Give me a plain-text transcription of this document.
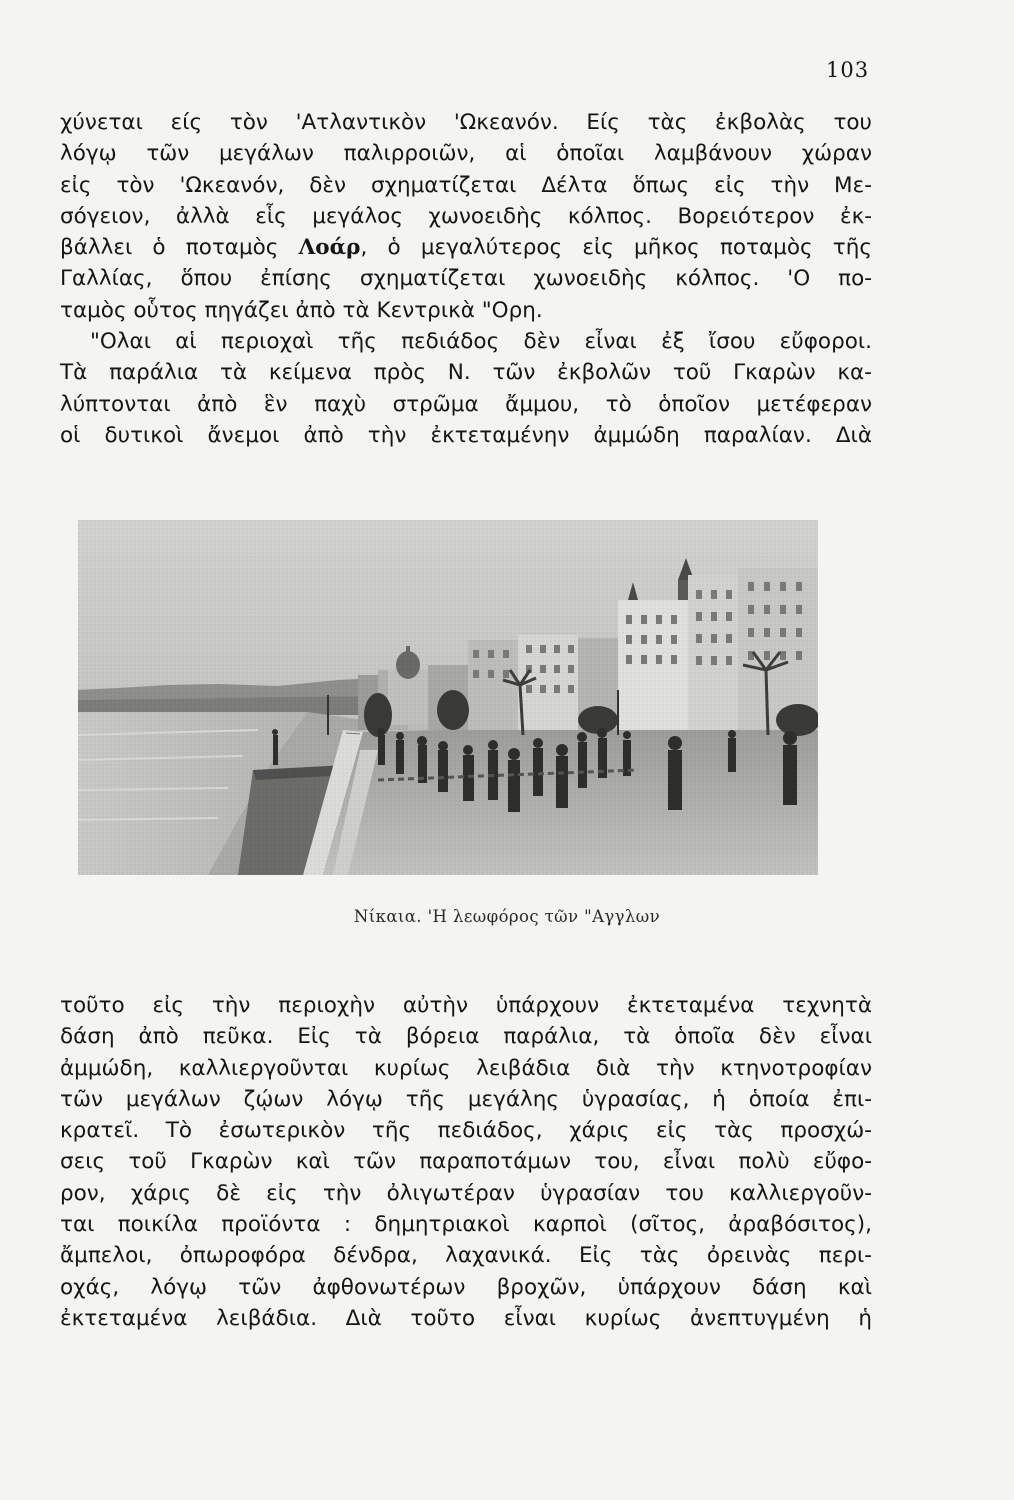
103
χύνεται είς τὸν 'Ατλαντικὸν 'Ωκεανόν. Είς τὰς ἐκβολὰς του
λόγῳ τῶν μεγάλων παλιρροιῶν, αἱ ὁποῖαι λαμβάνουν χώραν
εἰς τὸν 'Ωκεανόν, δὲν σχηματίζεται Δέλτα ὅπως εἰς τὴν Με-
σόγειον, ἀλλὰ εἷς μεγάλος χωνοειδὴς κόλπος. Βορειότερον ἐκ-
βάλλει ὁ ποταμὸς Λοάρ, ὁ μεγαλύτερος εἰς μῆκος ποταμὸς τῆς
Γαλλίας, ὅπου ἐπίσης σχηματίζεται χωνοειδὴς κόλπος. 'Ο πο-
ταμὸς οὗτος πηγάζει ἀπὸ τὰ Κεντρικὰ "Ορη.
"Ολαι αἱ περιοχαὶ τῆς πεδιάδος δὲν εἶναι ἐξ ἴσου εὔφοροι.
Τὰ παράλια τὰ κείμενα πρὸς Ν. τῶν ἐκβολῶν τοῦ Γκαρὼν κα-
λύπτονται ἀπὸ ἓν παχὺ στρῶμα ἄμμου, τὸ ὁποῖον μετέφεραν
οἱ δυτικοὶ ἄνεμοι ἀπὸ τὴν ἐκτεταμένην ἀμμώδη παραλίαν. Διὰ
Νίκαια. 'Η λεωφόρος τῶν "Αγγλων
τοῦτο εἰς τὴν περιοχὴν αὐτὴν ὑπάρχουν ἐκτεταμένα τεχνητὰ
δάση ἀπὸ πεῦκα. Εἰς τὰ βόρεια παράλια, τὰ ὁποῖα δὲν εἶναι
ἀμμώδη, καλλιεργοῦνται κυρίως λειβάδια διὰ τὴν κτηνοτροφίαν
τῶν μεγάλων ζῴων λόγῳ τῆς μεγάλης ὑγρασίας, ἡ ὁποία ἐπι-
κρατεῖ. Τὸ ἐσωτερικὸν τῆς πεδιάδος, χάρις εἰς τὰς προσχώ-
σεις τοῦ Γκαρὼν καὶ τῶν παραποτάμων του, εἶναι πολὺ εὔφο-
ρον, χάρις δὲ εἰς τὴν ὀλιγωτέραν ὑγρασίαν του καλλιεργοῦν-
ται ποικίλα προϊόντα : δημητριακοὶ καρποὶ (σῖτος, ἀραβόσιτος),
ἄμπελοι, ὀπωροφόρα δένδρα, λαχανικά. Εἰς τὰς ὀρεινὰς περι-
οχάς, λόγῳ τῶν ἀφθονωτέρων βροχῶν, ὑπάρχουν δάση καὶ
ἐκτεταμένα λειβάδια. Διὰ τοῦτο εἶναι κυρίως ἀνεπτυγμένη ἡ
